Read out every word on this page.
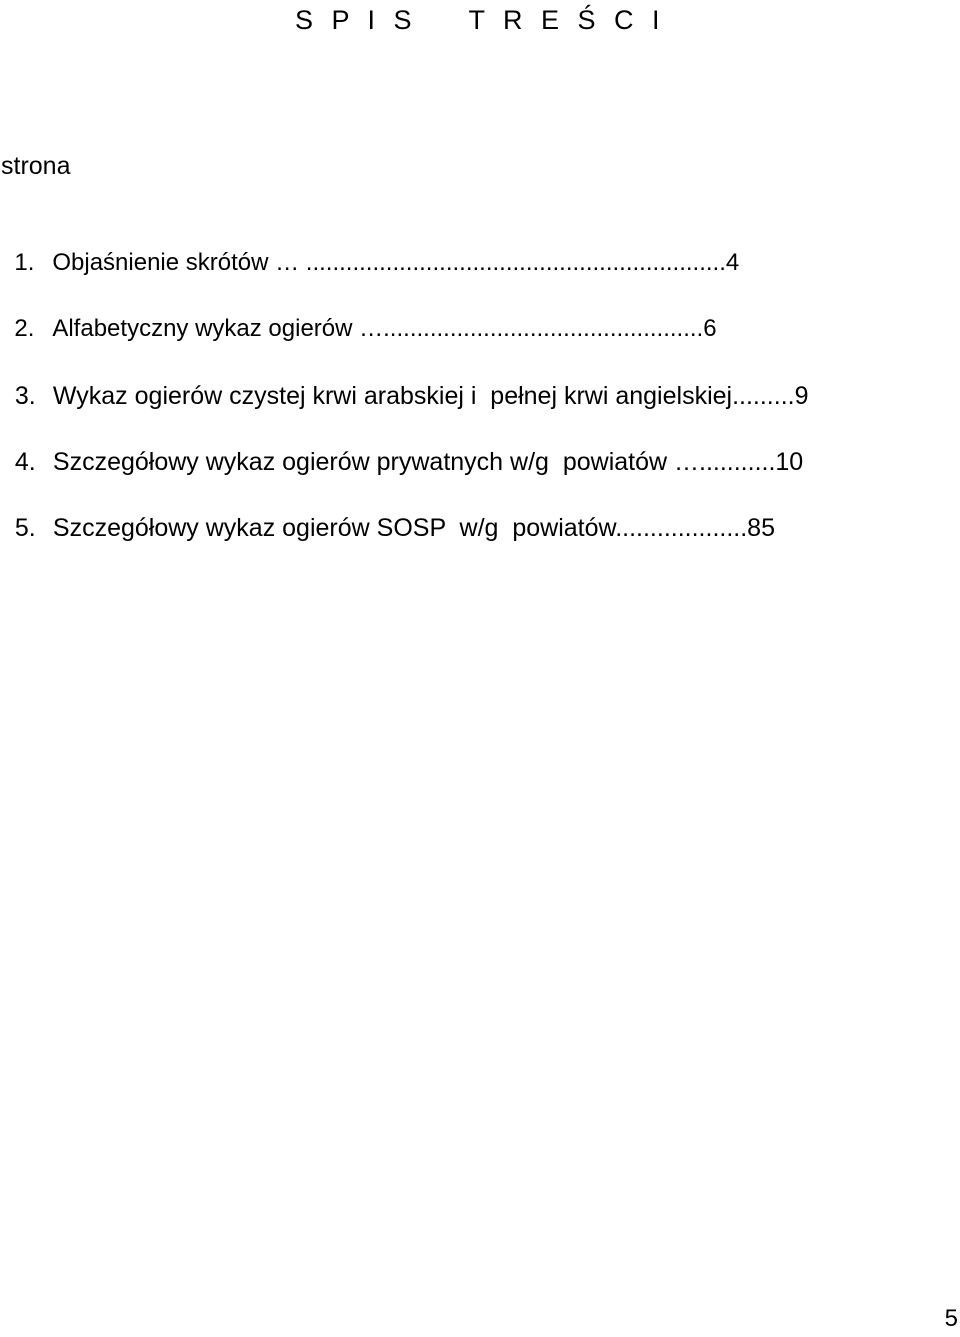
S P I S    T R E Ś C I
strona

1. Objaśnienie skrótów … ...............................................................4

2. Alfabetyczny wykaz ogierów …................................................6

3. Wykaz ogierów czystej krwi arabskiej i  pełnej krwi angielskiej.........9

4. Szczegółowy wykaz ogierów prywatnych w/g  powiatów …...........10

5. Szczegółowy wykaz ogierów SOSP  w/g  powiatów...................85

5
